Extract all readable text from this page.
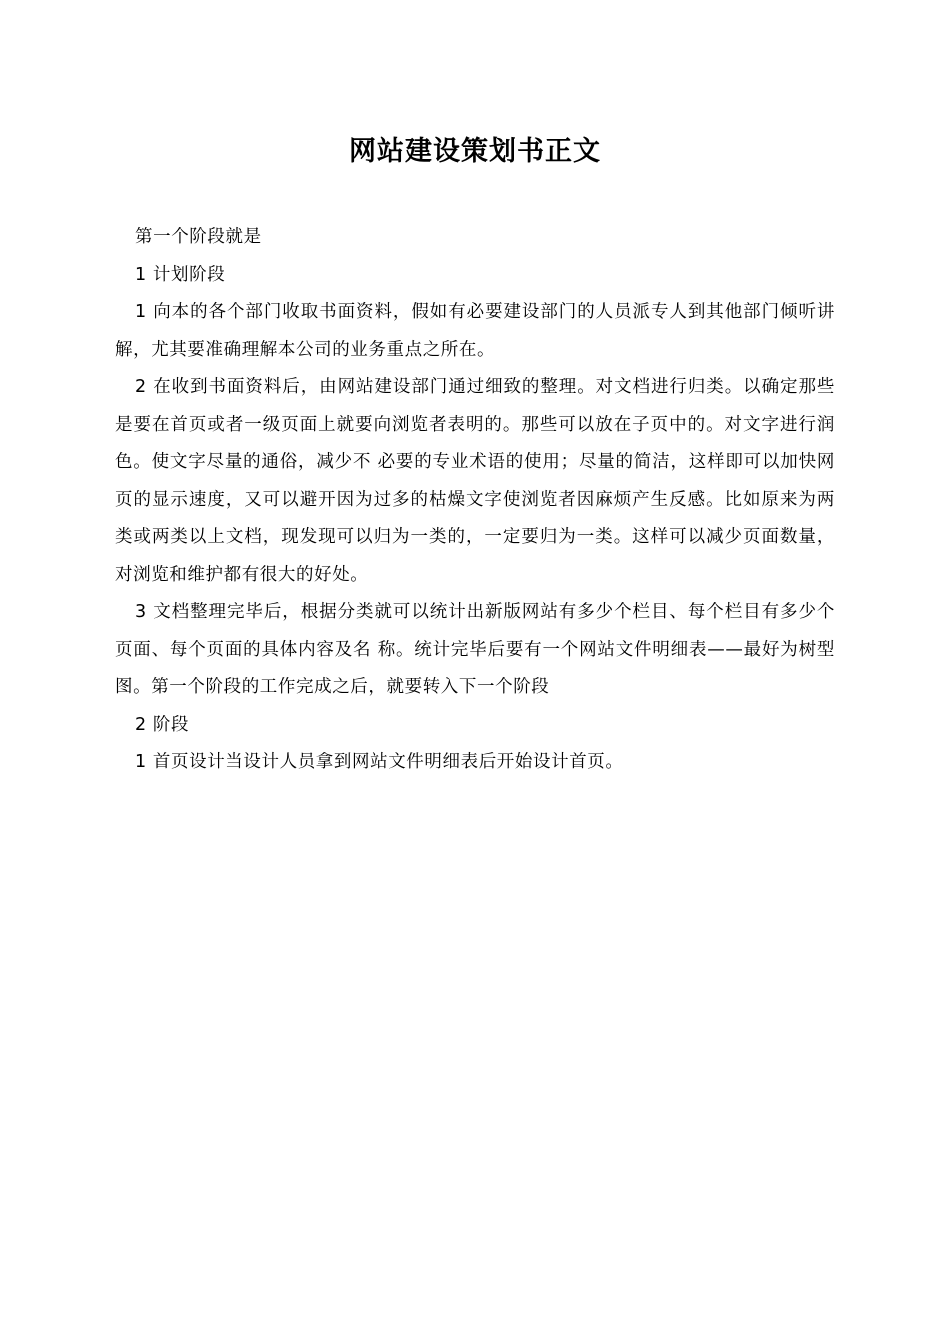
网站建设策划书正文

第一个阶段就是

1 计划阶段

1 向本的各个部门收取书面资料，假如有必要建设部门的人员派专人到其他部门倾听讲解，尤其要准确理解本公司的业务重点之所在。

2 在收到书面资料后，由网站建设部门通过细致的整理。对文档进行归类。以确定那些是要在首页或者一级页面上就要向浏览者表明的。那些可以放在子页中的。对文字进行润色。使文字尽量的通俗，减少不 必要的专业术语的使用；尽量的简洁，这样即可以加快网页的显示速度，又可以避开因为过多的枯燥文字使浏览者因麻烦产生反感。比如原来为两类或两类以上文档，现发现可以归为一类的，一定要归为一类。这样可以减少页面数量，对浏览和维护都有很大的好处。

3 文档整理完毕后，根据分类就可以统计出新版网站有多少个栏目、每个栏目有多少个页面、每个页面的具体内容及名 称。统计完毕后要有一个网站文件明细表——最好为树型图。第一个阶段的工作完成之后，就要转入下一个阶段

2 阶段

1 首页设计当设计人员拿到网站文件明细表后开始设计首页。
